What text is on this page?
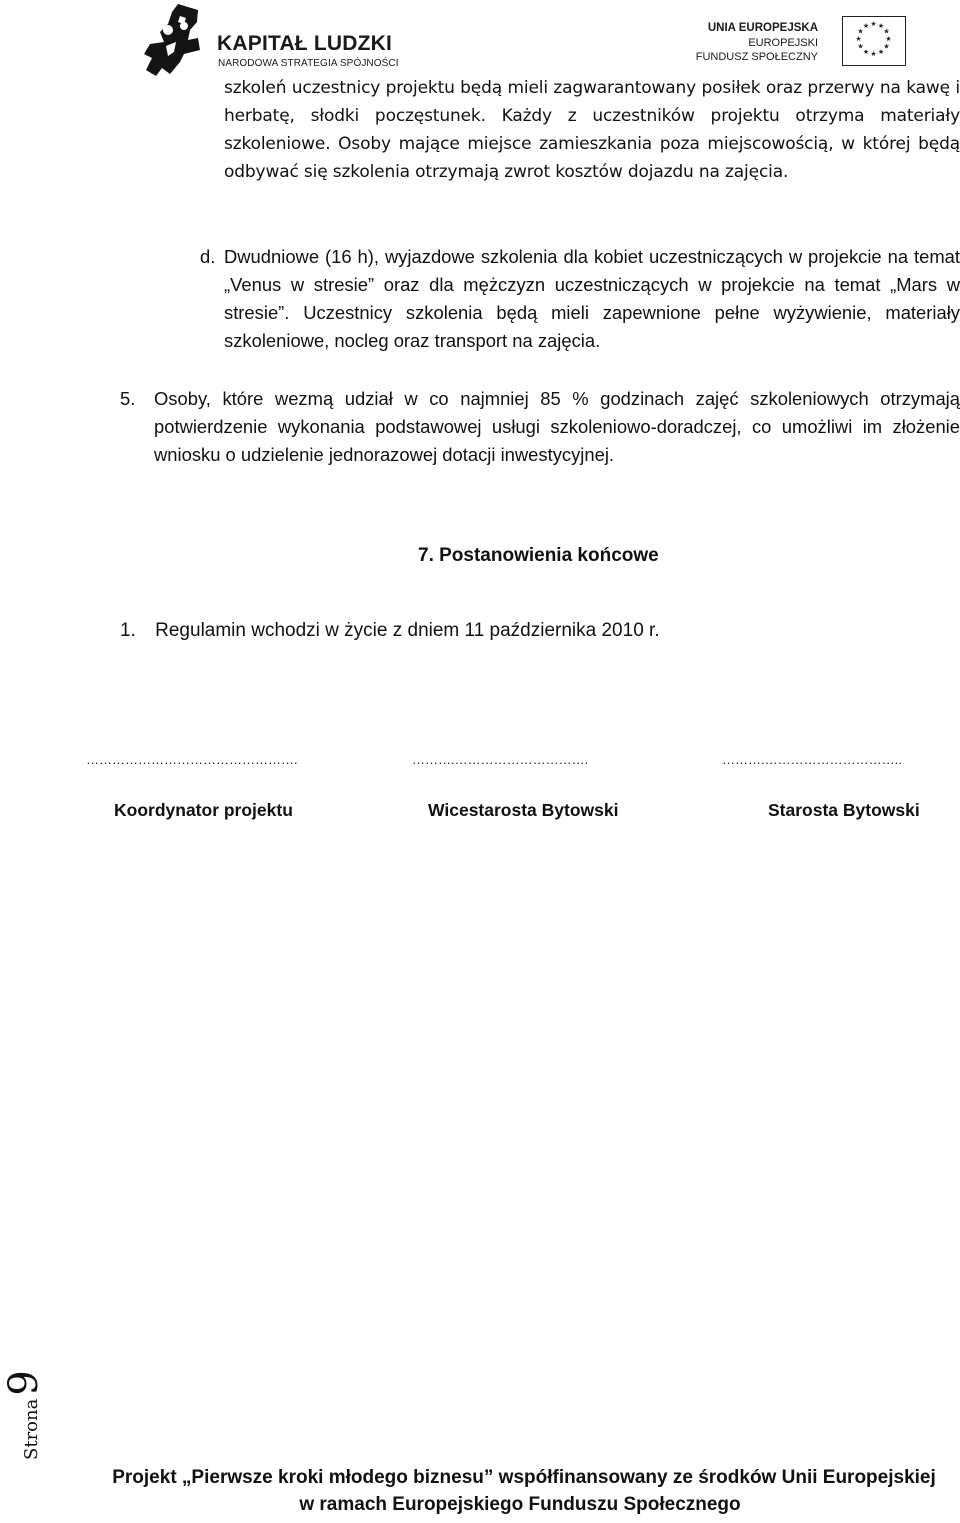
KAPITAŁ LUDZKI
NARODOWA STRATEGIA SPÓJNOŚCI
UNIA EUROPEJSKA
EUROPEJSKI
FUNDUSZ SPOŁECZNY
★ ★
★
★
★
★
★
★
★
★
★
★

szkoleń uczestnicy projektu będą mieli zagwarantowany posiłek oraz przerwy na kawę i herbatę, słodki poczęstunek. Każdy z uczestników projektu otrzyma materiały szkoleniowe. Osoby mające miejsce zamieszkania poza miejscowością, w której będą odbywać się szkolenia otrzymają zwrot kosztów dojazdu na zajęcia.

d. Dwudniowe (16 h), wyjazdowe szkolenia dla kobiet uczestniczących w projekcie na temat „Venus w stresie” oraz dla mężczyzn uczestniczących w projekcie na temat „Mars w stresie”. Uczestnicy szkolenia będą mieli zapewnione pełne wyżywienie, materiały szkoleniowe, nocleg oraz transport na zajęcia.
5. Osoby, które wezmą udział w co najmniej 85 % godzinach zajęć szkoleniowych otrzymają potwierdzenie wykonania podstawowej usługi szkoleniowo-doradczej, co umożliwi im złożenie wniosku o udzielenie jednorazowej dotacji inwestycyjnej.
7. Postanowienia końcowe
1. Regulamin wchodzi w życie z dniem 11 października 2010 r.
………………………………………….	……….………………………….	……….…………………………..
Koordynator projektu	Wicestarosta Bytowski	Starosta Bytowski
Strona
9
Projekt „Pierwsze kroki młodego biznesu” współfinansowany ze środków Unii Europejskiej
w ramach Europejskiego Funduszu Społecznego
